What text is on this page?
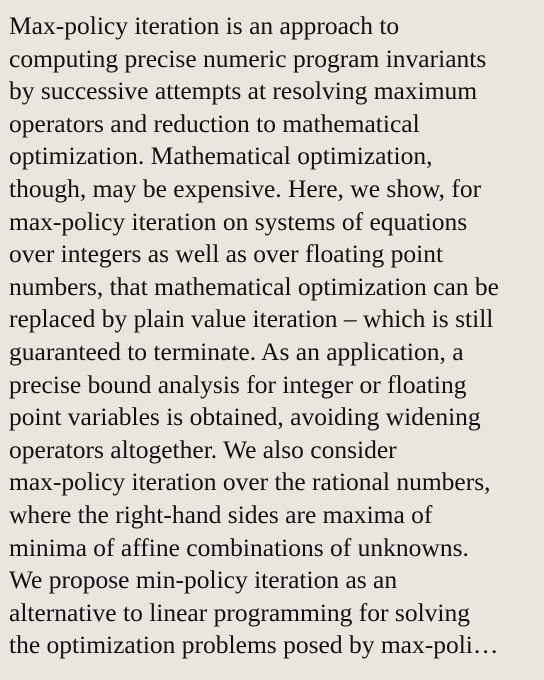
Max-policy iteration is an approach to
computing precise numeric program invariants
by successive attempts at resolving maximum
operators and reduction to mathematical
optimization. Mathematical optimization,
though, may be expensive. Here, we show, for
max-policy iteration on systems of equations
over integers as well as over floating point
numbers, that mathematical optimization can be
replaced by plain value iteration – which is still
guaranteed to terminate. As an application, a
precise bound analysis for integer or floating
point variables is obtained, avoiding widening
operators altogether. We also consider
max-policy iteration over the rational numbers,
where the right-hand sides are maxima of
minima of affine combinations of unknowns.
We propose min-policy iteration as an
alternative to linear programming for solving
the optimization problems posed by max-poli…
